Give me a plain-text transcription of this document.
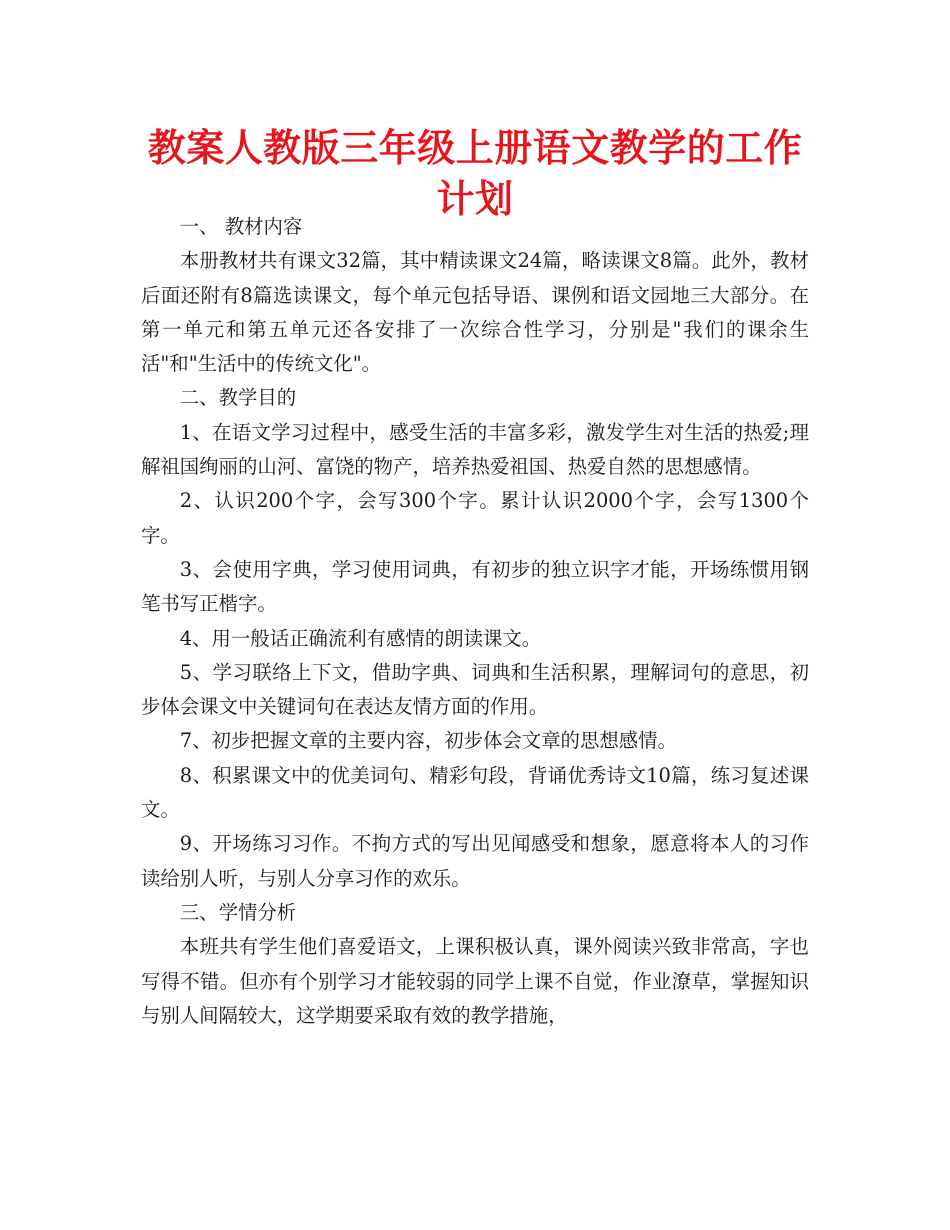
教案人教版三年级上册语文教学的工作计划

一、 教材内容

本册教材共有课文32篇，其中精读课文24篇，略读课文8篇。此外，教材后面还附有8篇选读课文，每个单元包括导语、课例和语文园地三大部分。在第一单元和第五单元还各安排了一次综合性学习，分别是"我们的课余生活"和"生活中的传统文化"。

二、教学目的

1、在语文学习过程中，感受生活的丰富多彩，激发学生对生活的热爱;理解祖国绚丽的山河、富饶的物产，培养热爱祖国、热爱自然的思想感情。

2、认识200个字，会写300个字。累计认识2000个字，会写1300个字。

3、会使用字典，学习使用词典，有初步的独立识字才能，开场练惯用钢笔书写正楷字。

4、用一般话正确流利有感情的朗读课文。

5、学习联络上下文，借助字典、词典和生活积累，理解词句的意思，初步体会课文中关键词句在表达友情方面的作用。

7、初步把握文章的主要内容，初步体会文章的思想感情。

8、积累课文中的优美词句、精彩句段，背诵优秀诗文10篇，练习复述课文。

9、开场练习习作。不拘方式的写出见闻感受和想象，愿意将本人的习作读给别人听，与别人分享习作的欢乐。

三、学情分析

本班共有学生他们喜爱语文，上课积极认真，课外阅读兴致非常高，字也写得不错。但亦有个别学习才能较弱的同学上课不自觉，作业潦草，掌握知识与别人间隔较大，这学期要采取有效的教学措施，
